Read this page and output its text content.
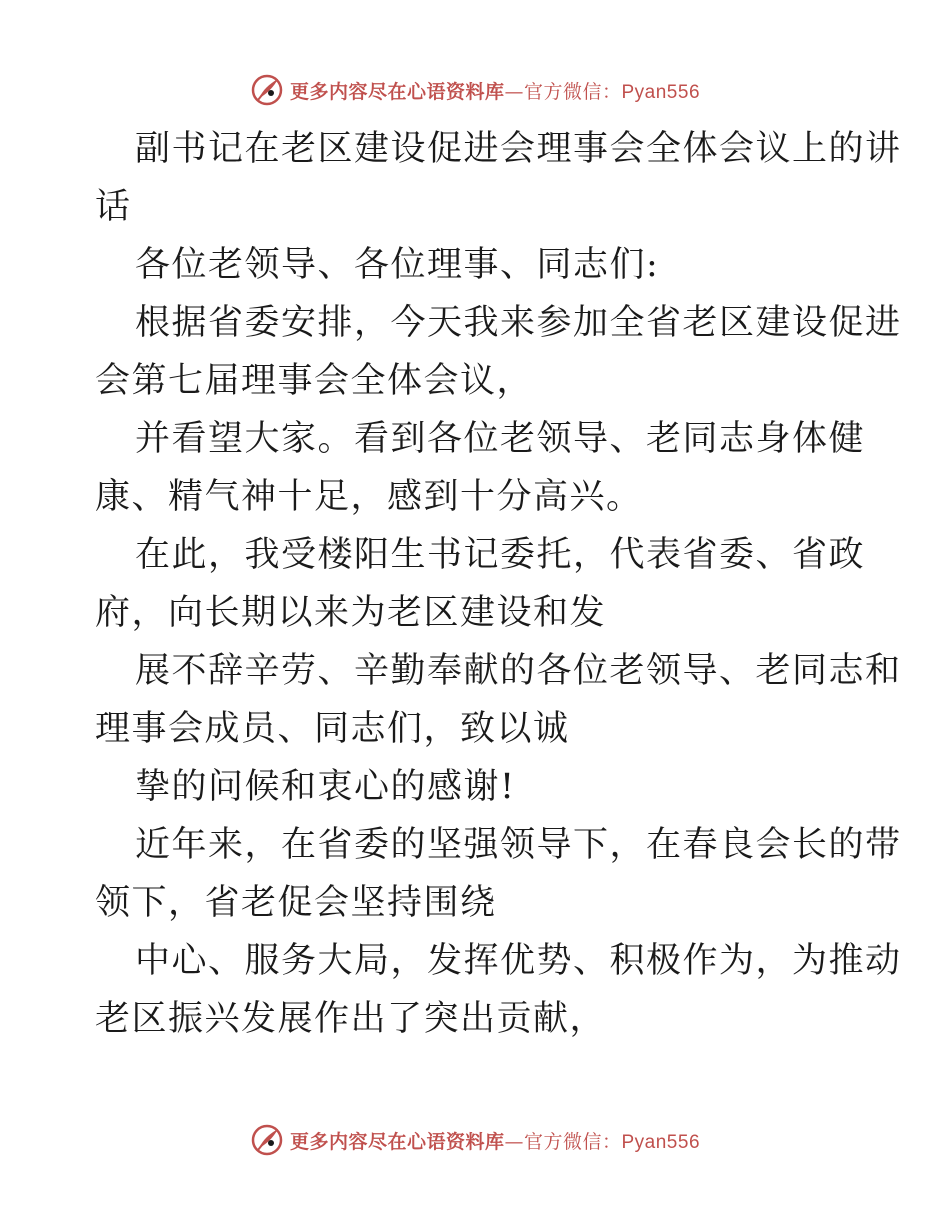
更多内容尽在心语资料库—官方微信：Pyan556
副书记在老区建设促进会理事会全体会议上的讲
话
各位老领导、各位理事、同志们:
根据省委安排，今天我来参加全省老区建设促进
会第七届理事会全体会议，
并看望大家。看到各位老领导、老同志身体健
康、精气神十足，感到十分高兴。
在此，我受楼阳生书记委托，代表省委、省政
府，向长期以来为老区建设和发
展不辞辛劳、辛勤奉献的各位老领导、老同志和
理事会成员、同志们，致以诚
挚的问候和衷心的感谢!
近年来，在省委的坚强领导下，在春良会长的带
领下，省老促会坚持围绕
中心、服务大局，发挥优势、积极作为，为推动
老区振兴发展作出了突出贡献，
更多内容尽在心语资料库—官方微信：Pyan556
